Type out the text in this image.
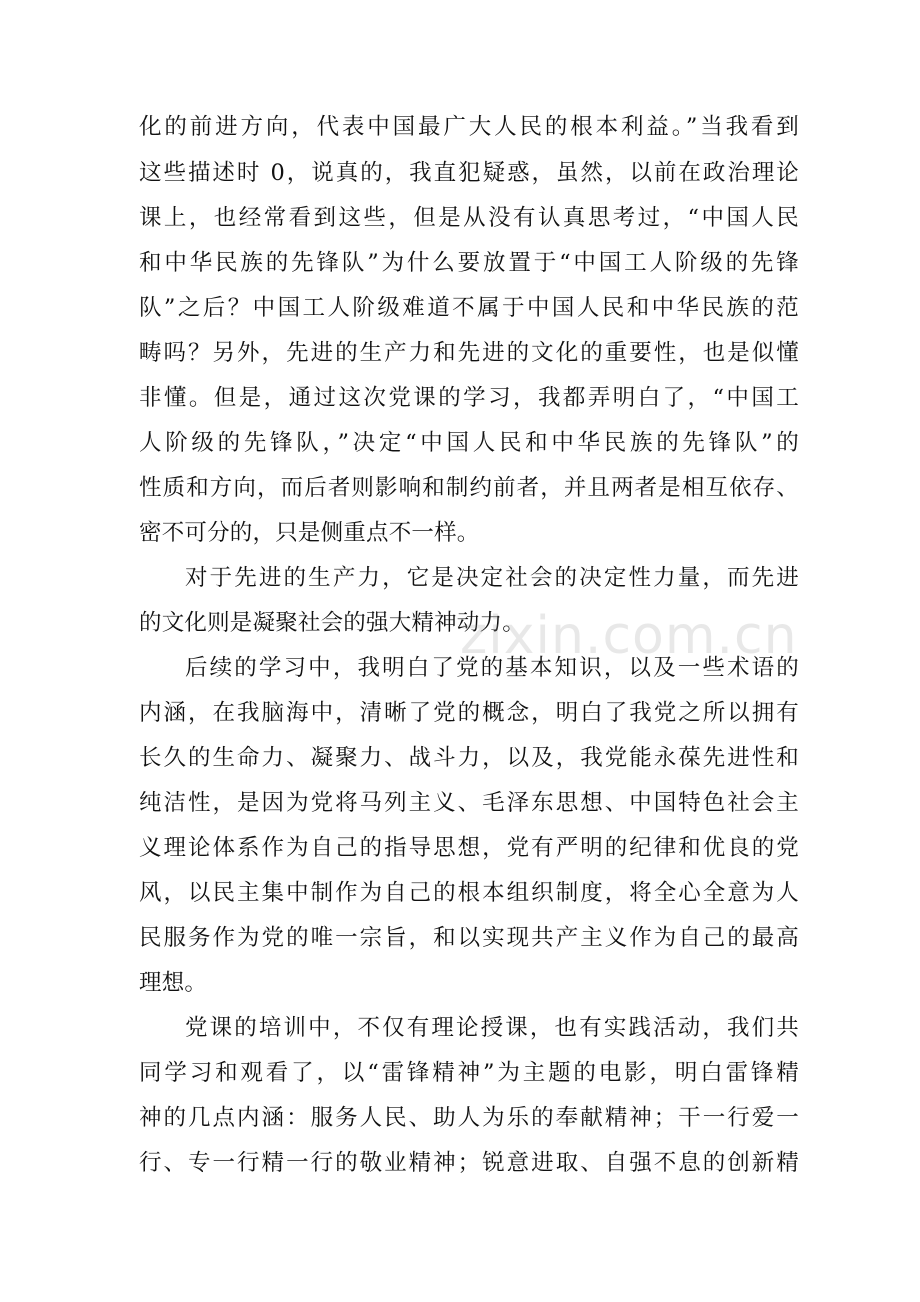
化的前进方向，代表中国最广大人民的根本利益。”当我看到
这些描述时 0，说真的，我直犯疑惑，虽然，以前在政治理论
课上，也经常看到这些，但是从没有认真思考过，“中国人民
和中华民族的先锋队”为什么要放置于“中国工人阶级的先锋
队”之后？中国工人阶级难道不属于中国人民和中华民族的范
畴吗？另外，先进的生产力和先进的文化的重要性，也是似懂
非懂。但是，通过这次党课的学习，我都弄明白了，“中国工
人阶级的先锋队，”决定“中国人民和中华民族的先锋队”的
性质和方向，而后者则影响和制约前者，并且两者是相互依存、
密不可分的，只是侧重点不一样。
对于先进的生产力，它是决定社会的决定性力量，而先进
的文化则是凝聚社会的强大精神动力。
后续的学习中，我明白了党的基本知识，以及一些术语的
内涵，在我脑海中，清晰了党的概念，明白了我党之所以拥有
长久的生命力、凝聚力、战斗力，以及，我党能永葆先进性和
纯洁性，是因为党将马列主义、毛泽东思想、中国特色社会主
义理论体系作为自己的指导思想，党有严明的纪律和优良的党
风，以民主集中制作为自己的根本组织制度，将全心全意为人
民服务作为党的唯一宗旨，和以实现共产主义作为自己的最高
理想。
党课的培训中，不仅有理论授课，也有实践活动，我们共
同学习和观看了，以“雷锋精神”为主题的电影，明白雷锋精
神的几点内涵：服务人民、助人为乐的奉献精神；干一行爱一
行、专一行精一行的敬业精神；锐意进取、自强不息的创新精
zixin.com.cn
